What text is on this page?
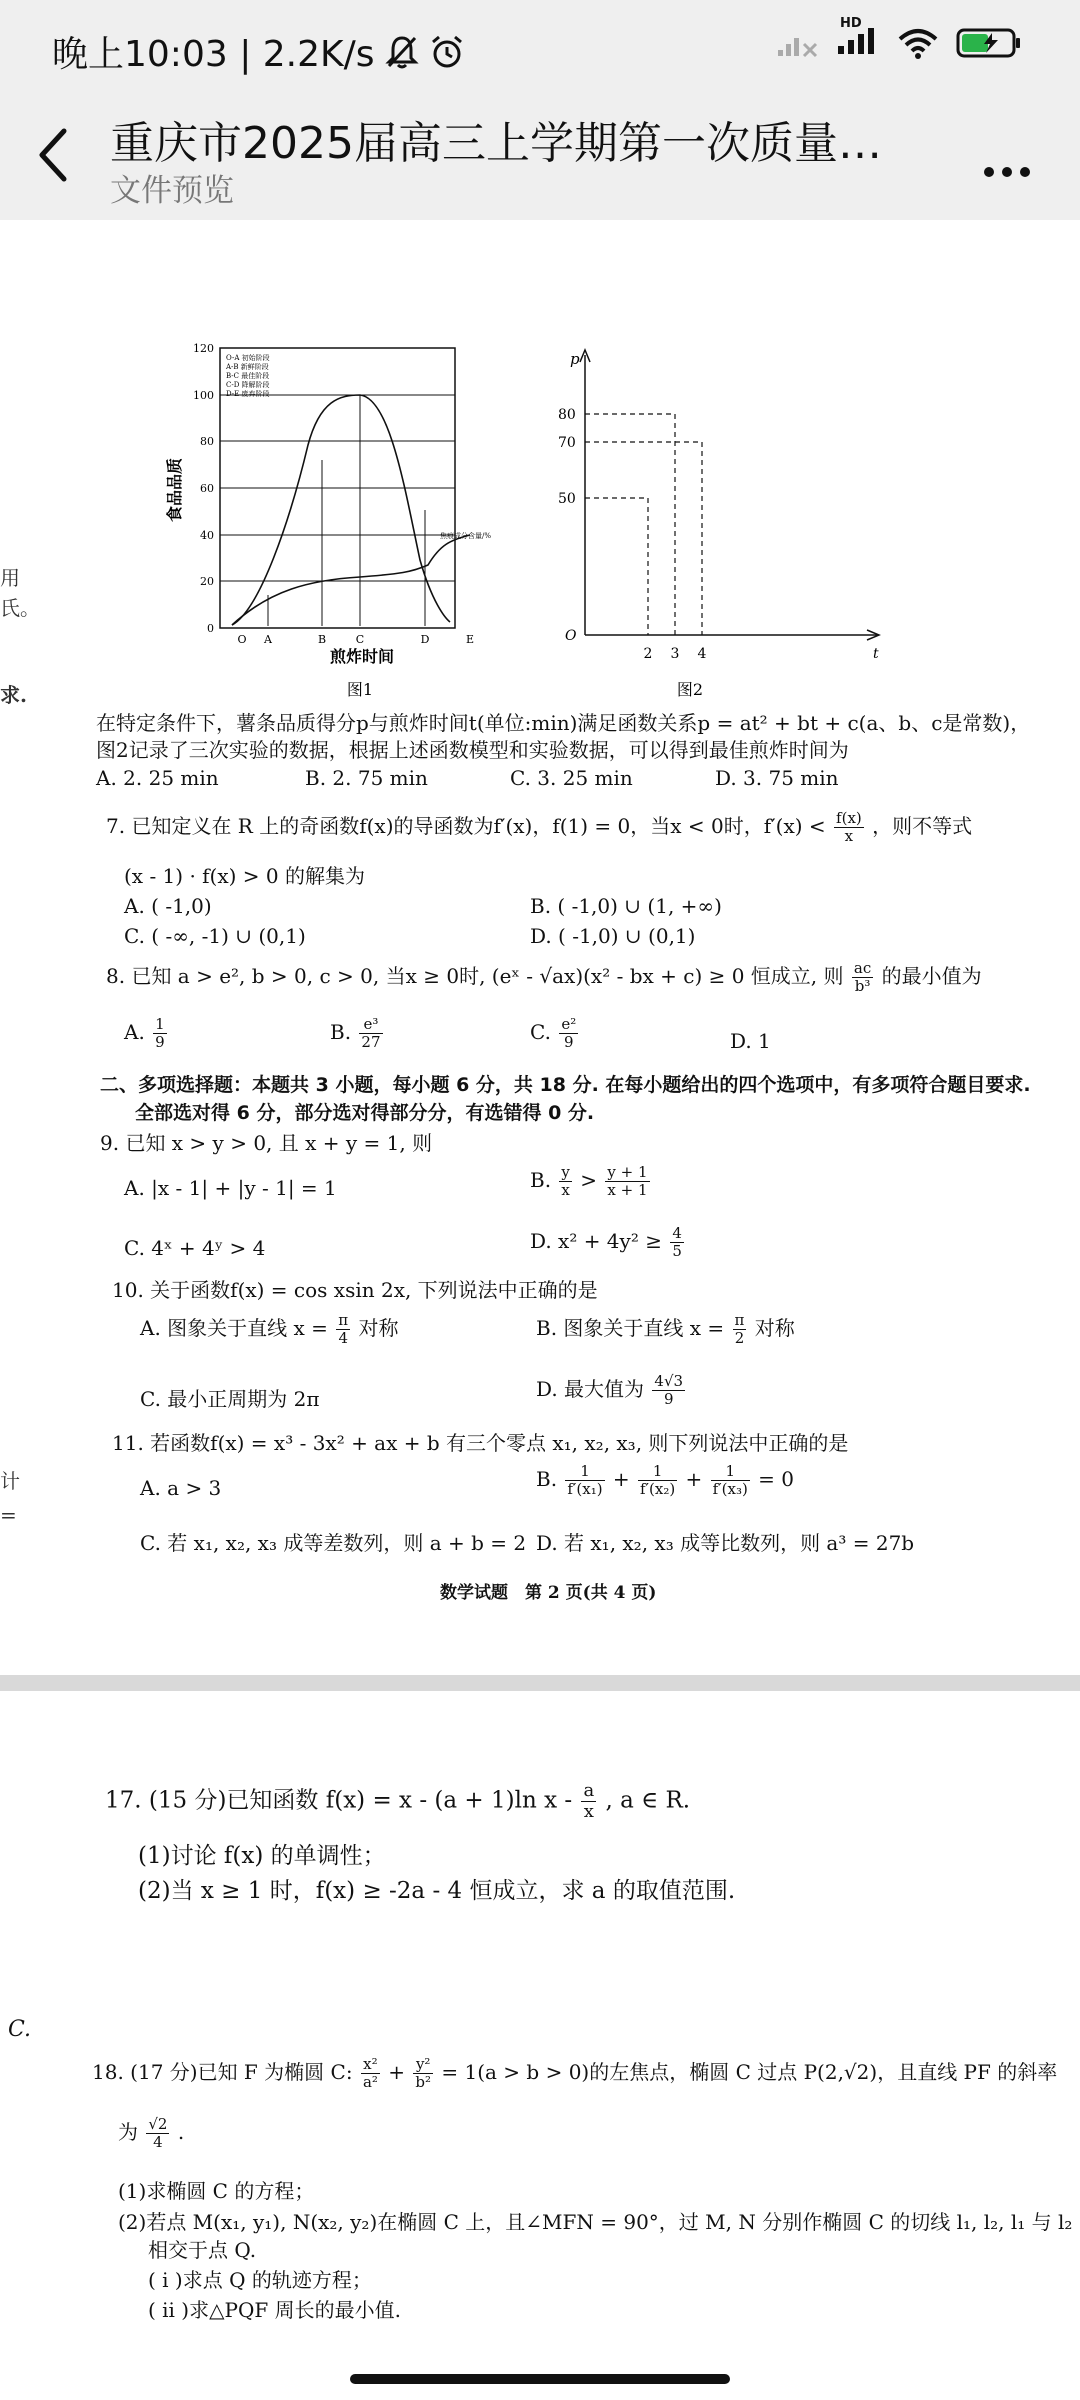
晚上10:03 | 2.2K/s
HD
重庆市2025届高三上学期第一次质量…
文件预览
用
氏。
求.
计
=
120
100
80
60
40
20
0
食品品质
O-A 初始阶段
A-B 新鲜阶段
B-C 最佳阶段
C-D 降解阶段
D-E 废弃阶段
焦痕成分含量/%
O A	B	C	D	E
煎炸时间
图1
p
t
O
80
70
50
2 3 4
图2
在特定条件下，薯条品质得分p与煎炸时间t(单位:min)满足函数关系p = at² + bt + c(a、b、c是常数)，
图2记录了三次实验的数据，根据上述函数模型和实验数据，可以得到最佳煎炸时间为
A. 2. 25 min	B. 2. 75 min	C. 3. 25 min	D. 3. 75 min
7. 已知定义在 R 上的奇函数f(x)的导函数为f′(x)，f(1) = 0，当x < 0时，$f'(x) < \frac{f(x)}{x}$ ，则不等式
(x - 1) · f(x) > 0 的解集为
A. ( -1,0)	B. ( -1,0) ∪ (1, +∞)
C. ( -∞, -1) ∪ (0,1)	D. ( -1,0) ∪ (0,1)
8. 已知 a > e², b > 0, c > 0, 当x ≥ 0时, (eˣ - √ax)(x² - bx + c) ≥ 0 恒成立, 则 $\frac{ac}{\text{b³}}$ 的最小值为
A. $\frac{1}{9}$	B. $\frac{\text{e³}}{27}$	C. $\frac{\text{e²}}{9}$	D. 1
二、多项选择题：本题共 3 小题，每小题 6 分，共 18 分. 在每小题给出的四个选项中，有多项符合题目要求.
全部选对得 6 分，部分选对得部分分，有选错得 0 分.
9. 已知 x > y > 0, 且 x + y = 1, 则
A. |x - 1| + |y - 1| = 1	B. $\frac{y}{x} > \frac{y + 1}{x + 1}$
C. 4ˣ + 4ʸ > 4	D. $x^2 + 4y^2 \ge \frac{4}{5}$
10. 关于函数f(x) = cos xsin 2x, 下列说法中正确的是
A. 图象关于直线 $x = \frac{\pi}{4}$ 对称	B. 图象关于直线 $x = \frac{\pi}{2}$ 对称
C. 最小正周期为 2π	D. 最大值为 $\frac{4√3}{9}$
11. 若函数f(x) = x³ - 3x² + ax + b 有三个零点 x₁, x₂, x₃, 则下列说法中正确的是
A. a > 3	B. $\frac{1}{\text{f′(x₁)}} + \frac{1}{\text{f′(x₂)}} + \frac{1}{\text{f′(x₃)}} = 0$
C. 若 x₁, x₂, x₃ 成等差数列，则 a + b = 2 D. 若 x₁, x₂, x₃ 成等比数列，则 a³ = 27b
数学试题　第 2 页(共 4 页)
17. (15 分)已知函数 f(x) = x - (a + 1)ln x - $\frac{a}{x}$ , a ∈ R.
(1)讨论 f(x) 的单调性；
(2)当 x ≥ 1 时，f(x) ≥ -2a - 4 恒成立，求 a 的取值范围.
C.
18. (17 分)已知 F 为椭圆 C: $\frac{\text{x²}}{\text{a²}} + \frac{\text{y²}}{\text{b²}} = 1(a > b > 0)$的左焦点，椭圆 C 过点 P(2,√2)，且直线 PF 的斜率
为 $\frac{√2}{4}$ .
(1)求椭圆 C 的方程；
(2)若点 M(x₁, y₁), N(x₂, y₂)在椭圆 C 上，且∠MFN = 90°，过 M, N 分别作椭圆 C 的切线 l₁, l₂, l₁ 与 l₂
相交于点 Q.
( i )求点 Q 的轨迹方程；
( ii )求△PQF 周长的最小值.
